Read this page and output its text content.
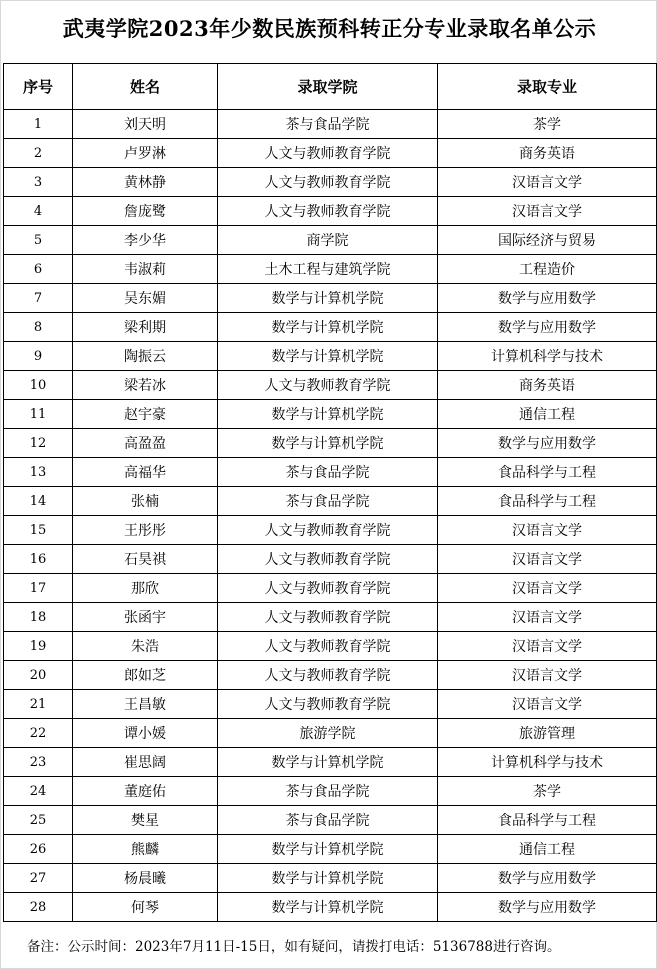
武夷学院2023年少数民族预科转正分专业录取名单公示
序号	姓名	录取学院	录取专业
1	刘天明	茶与食品学院	茶学
2	卢罗淋	人文与教师教育学院	商务英语
3	黄林静	人文与教师教育学院	汉语言文学
4	詹庞鹭	人文与教师教育学院	汉语言文学
5	李少华	商学院	国际经济与贸易
6	韦淑莉	土木工程与建筑学院	工程造价
7	吴东媚	数学与计算机学院	数学与应用数学
8	梁利期	数学与计算机学院	数学与应用数学
9	陶振云	数学与计算机学院	计算机科学与技术
10	梁若冰	人文与教师教育学院	商务英语
11	赵宇豪	数学与计算机学院	通信工程
12	高盈盈	数学与计算机学院	数学与应用数学
13	高福华	茶与食品学院	食品科学与工程
14	张楠	茶与食品学院	食品科学与工程
15	王彤彤	人文与教师教育学院	汉语言文学
16	石昊祺	人文与教师教育学院	汉语言文学
17	那欣	人文与教师教育学院	汉语言文学
18	张函宇	人文与教师教育学院	汉语言文学
19	朱浩	人文与教师教育学院	汉语言文学
20	郎如芝	人文与教师教育学院	汉语言文学
21	王昌敏	人文与教师教育学院	汉语言文学
22	谭小媛	旅游学院	旅游管理
23	崔思阔	数学与计算机学院	计算机科学与技术
24	董庭佑	茶与食品学院	茶学
25	樊星	茶与食品学院	食品科学与工程
26	熊麟	数学与计算机学院	通信工程
27	杨晨曦	数学与计算机学院	数学与应用数学
28	何琴	数学与计算机学院	数学与应用数学
备注：公示时间：2023年7月11日-15日，如有疑问，请拨打电话：5136788进行咨询。
